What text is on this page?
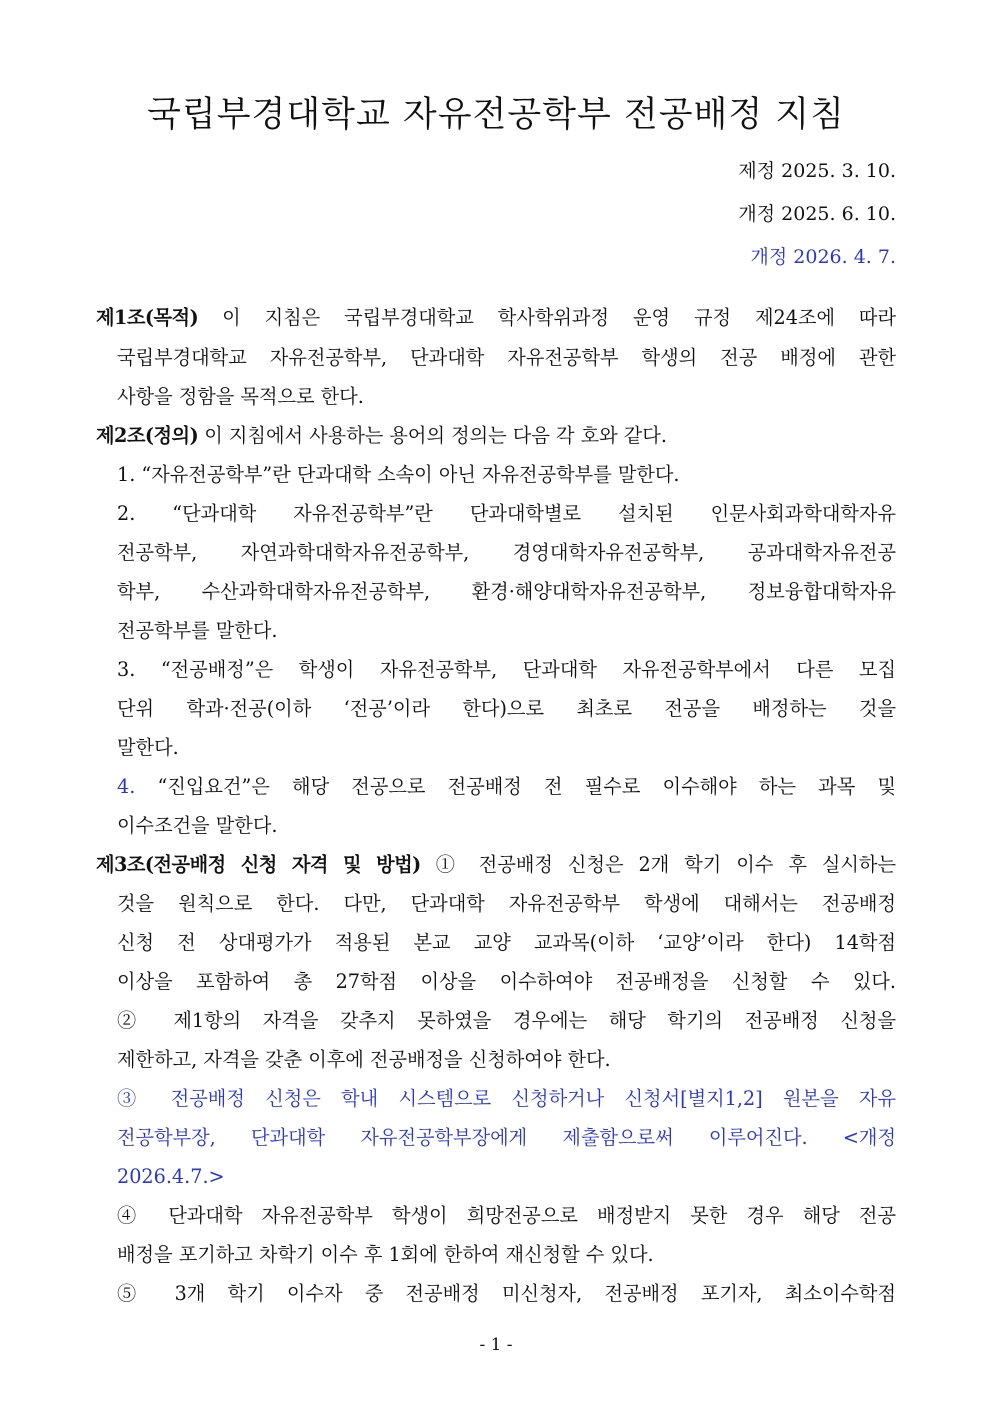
국립부경대학교 자유전공학부 전공배정 지침
제정 2025. 3. 10.
개정 2025. 6. 10.
개정 2026. 4. 7.
제1조(목적) 이 지침은 국립부경대학교 학사학위과정 운영 규정 제24조에 따라
국립부경대학교 자유전공학부, 단과대학 자유전공학부 학생의 전공 배정에 관한
사항을 정함을 목적으로 한다.
제2조(정의) 이 지침에서 사용하는 용어의 정의는 다음 각 호와 같다.
1. “자유전공학부”란 단과대학 소속이 아닌 자유전공학부를 말한다.
2. “단과대학 자유전공학부”란 단과대학별로 설치된 인문사회과학대학자유
전공학부, 자연과학대학자유전공학부, 경영대학자유전공학부, 공과대학자유전공
학부, 수산과학대학자유전공학부, 환경·해양대학자유전공학부, 정보융합대학자유
전공학부를 말한다.
3. “전공배정”은 학생이 자유전공학부, 단과대학 자유전공학부에서 다른 모집
단위 학과·전공(이하 ‘전공’이라 한다)으로 최초로 전공을 배정하는 것을
말한다.
4. “진입요건”은 해당 전공으로 전공배정 전 필수로 이수해야 하는 과목 및
이수조건을 말한다.
제3조(전공배정 신청 자격 및 방법) ① 전공배정 신청은 2개 학기 이수 후 실시하는
것을 원칙으로 한다. 다만, 단과대학 자유전공학부 학생에 대해서는 전공배정
신청 전 상대평가가 적용된 본교 교양 교과목(이하 ‘교양’이라 한다) 14학점
이상을 포함하여 총 27학점 이상을 이수하여야 전공배정을 신청할 수 있다.
② 제1항의 자격을 갖추지 못하였을 경우에는 해당 학기의 전공배정 신청을
제한하고, 자격을 갖춘 이후에 전공배정을 신청하여야 한다.
③ 전공배정 신청은 학내 시스템으로 신청하거나 신청서[별지1,2] 원본을 자유
전공학부장, 단과대학 자유전공학부장에게 제출함으로써 이루어진다. <개정
2026.4.7.>
④ 단과대학 자유전공학부 학생이 희망전공으로 배정받지 못한 경우 해당 전공
배정을 포기하고 차학기 이수 후 1회에 한하여 재신청할 수 있다.
⑤ 3개 학기 이수자 중 전공배정 미신청자, 전공배정 포기자, 최소이수학점
- 1 -
